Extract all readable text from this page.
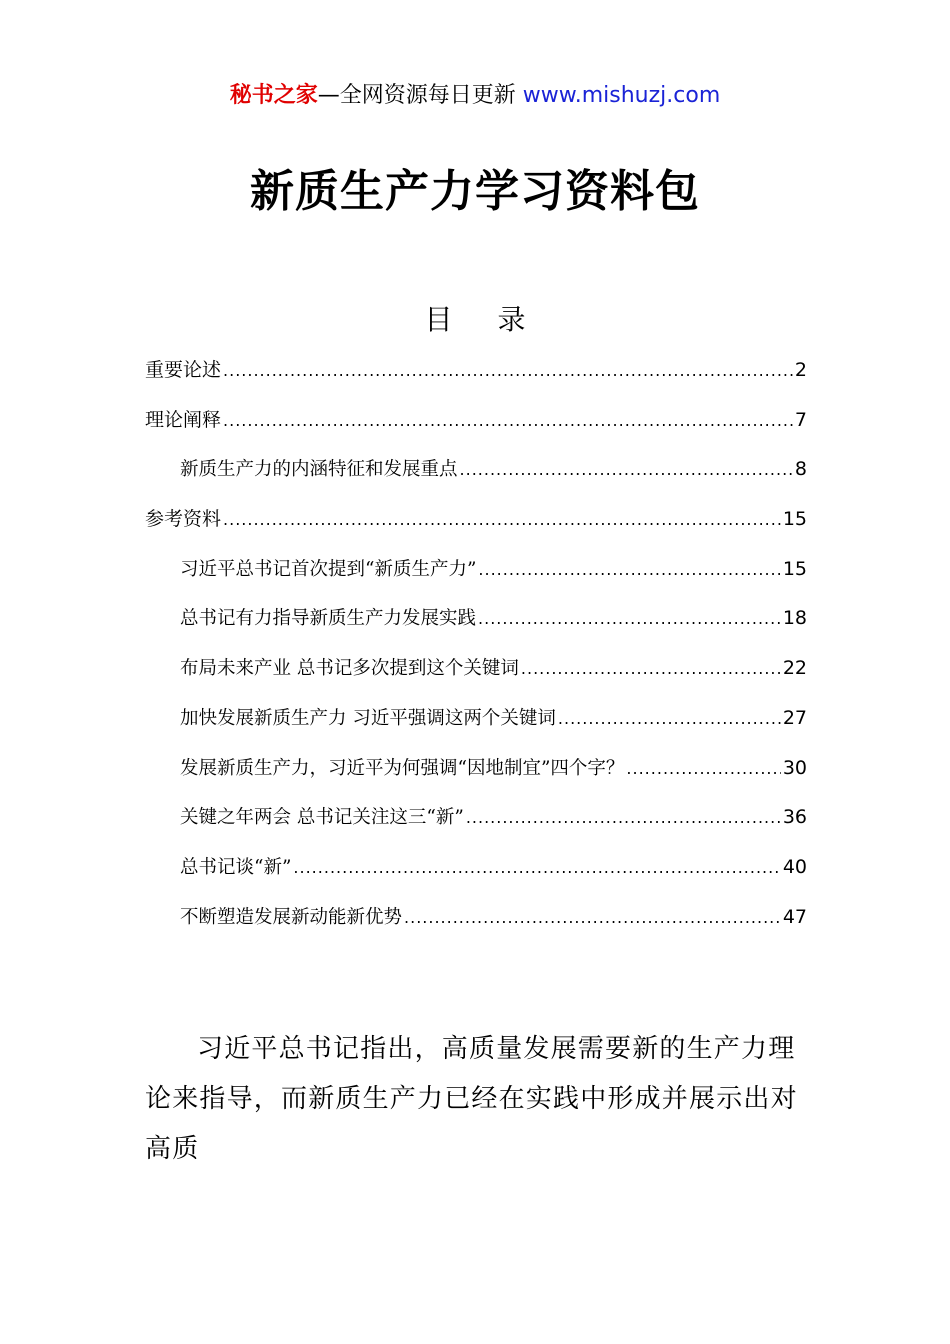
秘书之家—全网资源每日更新 www.mishuzj.com
新质生产力学习资料包
目 录
重要论述 .....	2
理论阐释 .....	7
新质生产力的内涵特征和发展重点 .....	8
参考资料 .....	15
习近平总书记首次提到“新质生产力” .....	15
总书记有力指导新质生产力发展实践 .....	18
布局未来产业 总书记多次提到这个关键词 .....	22
加快发展新质生产力 习近平强调这两个关键词 .....	27
发展新质生产力，习近平为何强调“因地制宜”四个字？ .....	30
关键之年两会 总书记关注这三“新” .....	36
总书记谈“新” .....	40
不断塑造发展新动能新优势 .....	47

习近平总书记指出，高质量发展需要新的生产力理论来指导，而新质生产力已经在实践中形成并展示出对高质
